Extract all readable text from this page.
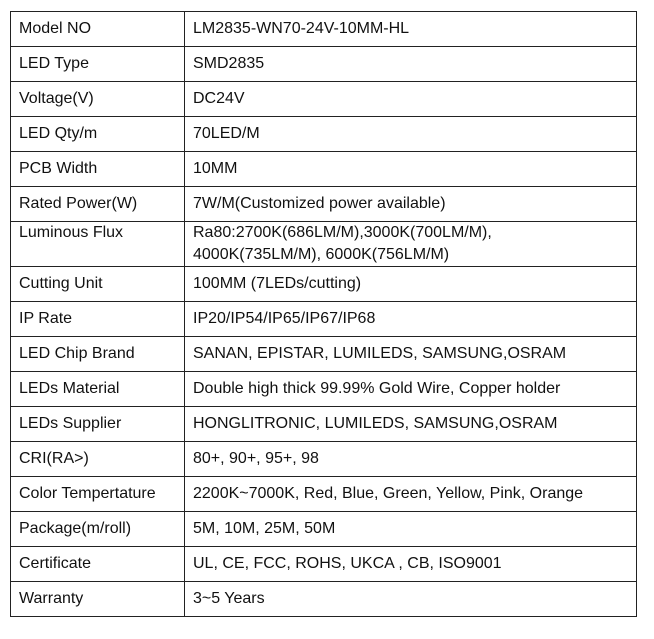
Model NO	LM2835-WN70-24V-10MM-HL
LED Type	SMD2835
Voltage(V)	DC24V
LED Qty/m	70LED/M
PCB Width	10MM
Rated Power(W)	7W/M(Customized power available)
Luminous Flux	Ra80:2700K(686LM/M),3000K(700LM/M),
4000K(735LM/M), 6000K(756LM/M)

Cutting Unit	100MM (7LEDs/cutting)
IP Rate	IP20/IP54/IP65/IP67/IP68
LED Chip Brand	SANAN, EPISTAR, LUMILEDS, SAMSUNG,OSRAM
LEDs Material	Double high thick 99.99% Gold Wire, Copper holder
LEDs Supplier	HONGLITRONIC, LUMILEDS, SAMSUNG,OSRAM
CRI(RA>)	80+, 90+, 95+, 98
Color Tempertature	2200K~7000K, Red, Blue, Green, Yellow, Pink, Orange
Package(m/roll)	5M, 10M, 25M, 50M
Certificate	UL, CE, FCC, ROHS, UKCA , CB, ISO9001
Warranty	3~5 Years
